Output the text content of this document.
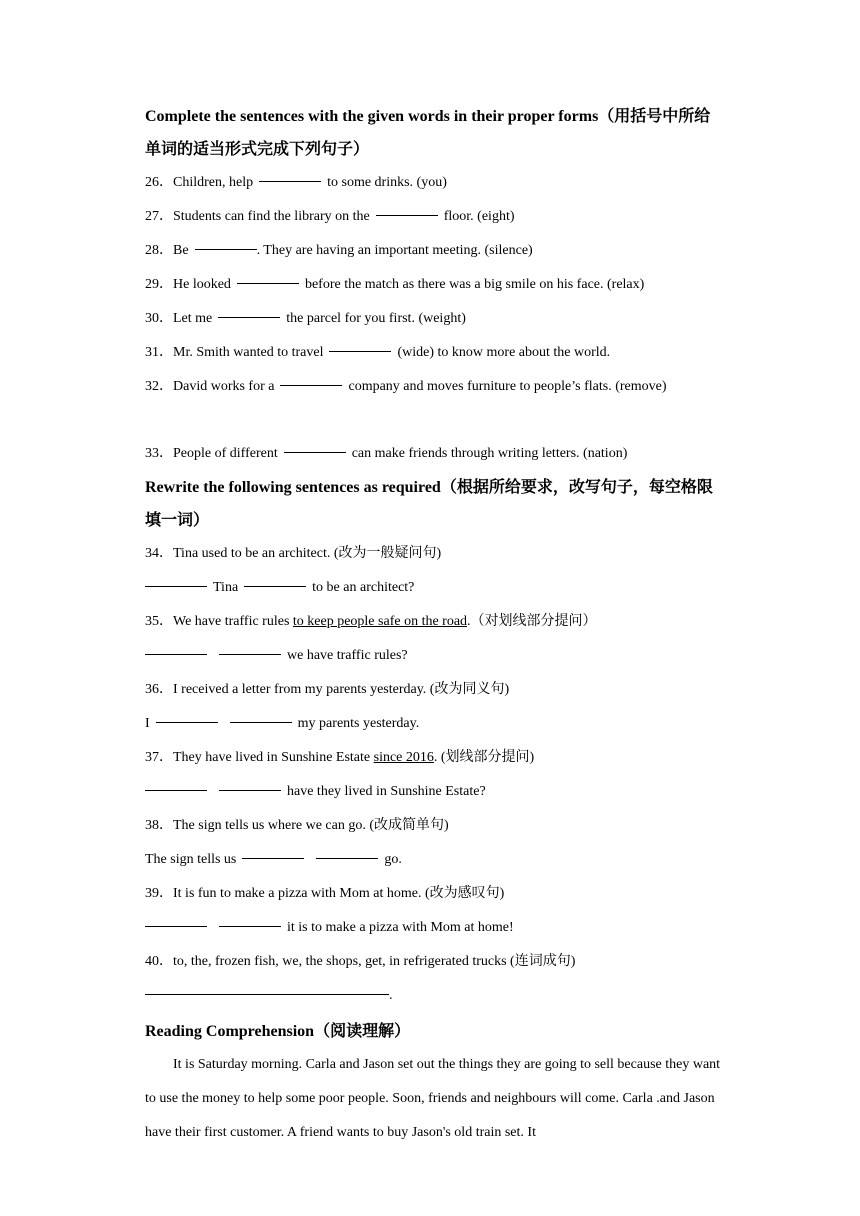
Complete the sentences with the given words in their proper forms（用括号中所给单词的适当形式完成下列句子）

26．Children, help	to some drinks. (you)
27．Students can find the library on the	floor. (eight)
28．Be	. They are having an important meeting. (silence)
29．He looked	before the match as there was a big smile on his face. (relax)
30．Let me	the parcel for you first. (weight)
31．Mr. Smith wanted to travel	(wide) to know more about the world.
32．David works for a	company and moves furniture to people’s flats. (remove)
33．People of different	can make friends through writing letters. (nation)

Rewrite the following sentences as required（根据所给要求，改写句子，每空格限填一词）

34．Tina used to be an architect. (改为一般疑问句)
Tina	to be an architect?
35．We have traffic rules to keep people safe on the road.（对划线部分提问）
we have traffic rules?
36．I received a letter from my parents yesterday. (改为同义句)
I	my parents yesterday.
37．They have lived in Sunshine Estate since 2016. (划线部分提问)
have they lived in Sunshine Estate?
38．The sign tells us where we can go. (改成简单句)
The sign tells us	go.
39．It is fun to make a pizza with Mom at home. (改为感叹句)
it is to make a pizza with Mom at home!
40．to, the, frozen fish, we, the shops, get, in refrigerated trucks (连词成句)
.

Reading Comprehension（阅读理解）

It is Saturday morning. Carla and Jason set out the things they are going to sell because they want to use the money to help some poor people. Soon, friends and neighbours will come. Carla .and Jason have their first customer. A friend wants to buy Jason's old train set. It
